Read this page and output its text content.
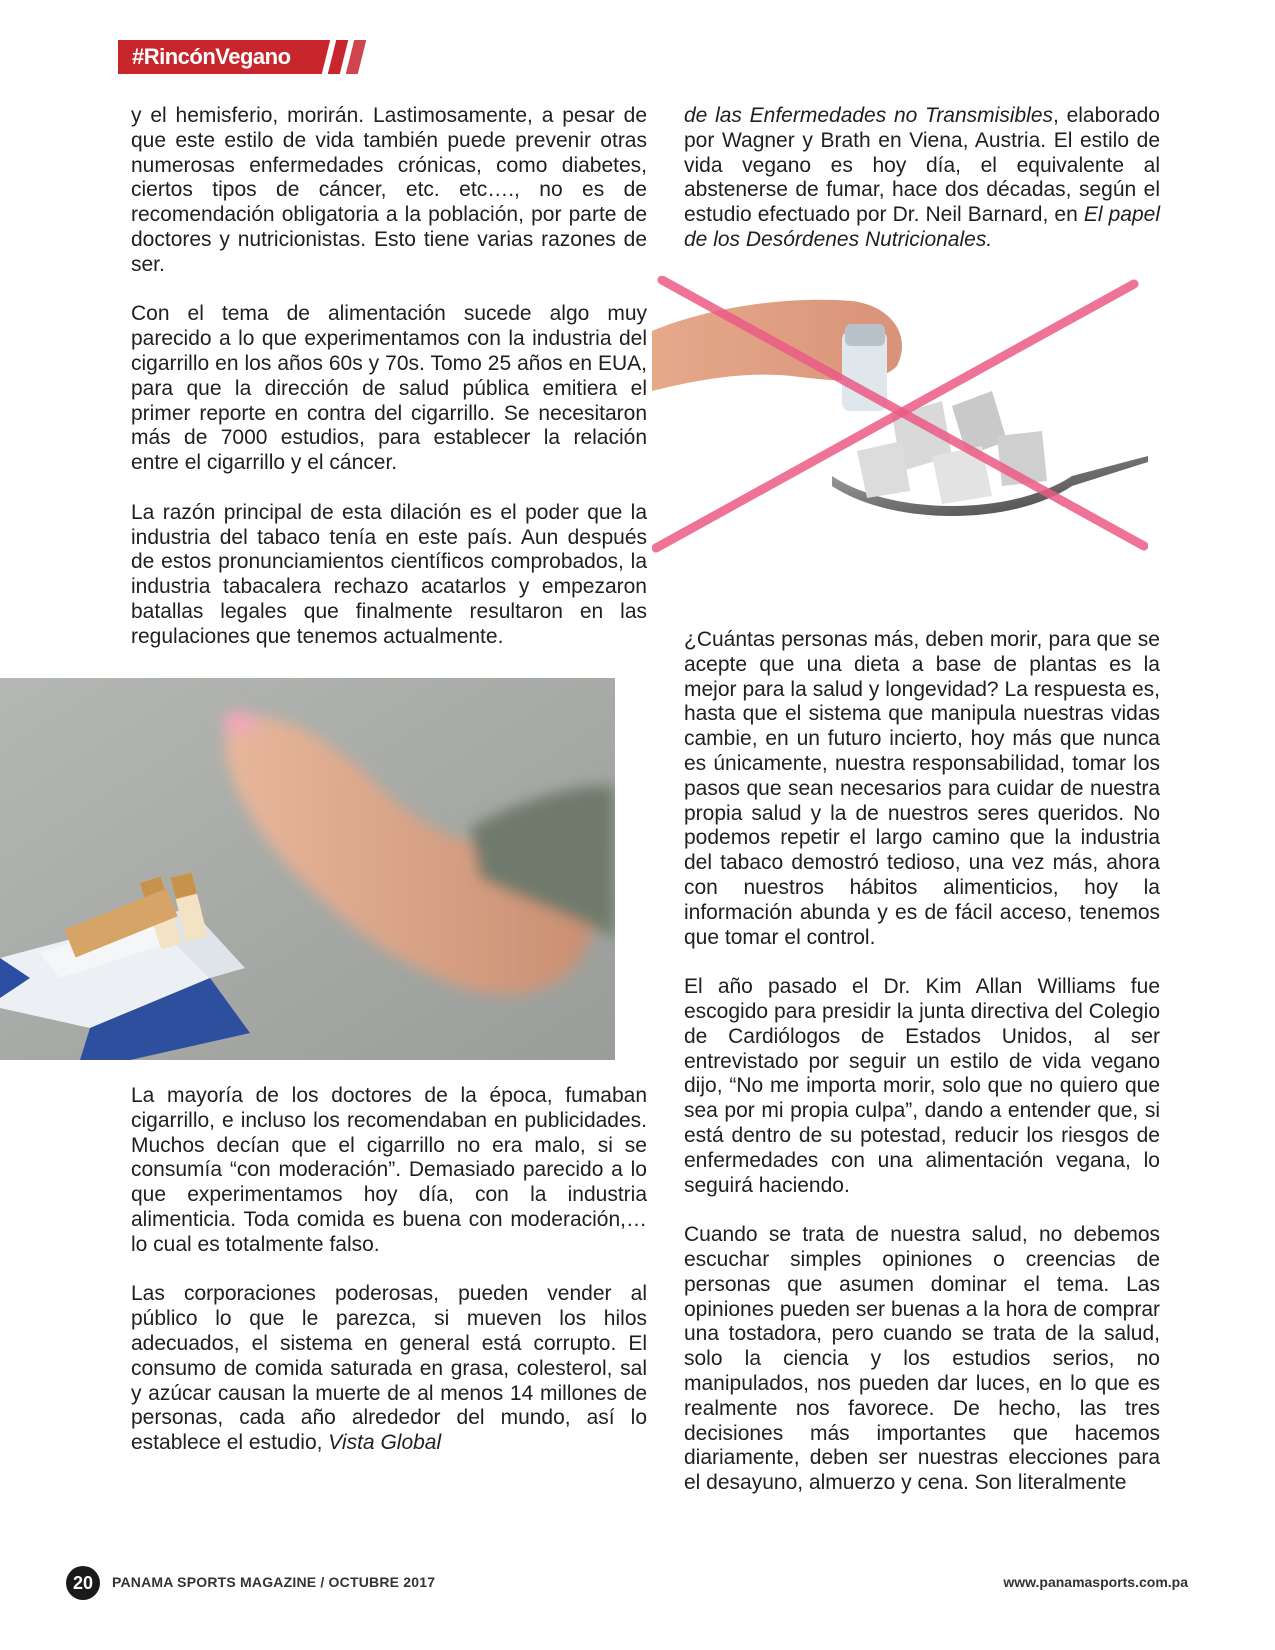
#RincónVegano

y el hemisferio, morirán. Lastimosamente, a pesar de que este estilo de vida también puede prevenir otras numerosas enfermedades crónicas, como diabetes, ciertos tipos de cáncer, etc. etc…., no es de recomendación obligatoria a la población, por parte de doctores y nutricionistas. Esto tiene varias razones de ser.

Con el tema de alimentación sucede algo muy parecido a lo que experimentamos con la industria del cigarrillo en los años 60s y 70s. Tomo 25 años en EUA, para que la dirección de salud pública emitiera el primer reporte en contra del cigarrillo. Se necesitaron más de 7000 estudios, para establecer la relación entre el cigarrillo y el cáncer.

La razón principal de esta dilación es el poder que la industria del tabaco tenía en este país. Aun después de estos pronunciamientos científicos comprobados, la industria tabacalera rechazo acatarlos y empezaron batallas legales que finalmente resultaron en las regulaciones que tenemos actualmente.

La mayoría de los doctores de la época, fumaban cigarrillo, e incluso los recomendaban en publicidades. Muchos decían que el cigarrillo no era malo, si se consumía “con moderación”. Demasiado parecido a lo que experimentamos hoy día, con la industria alimenticia. Toda comida es buena con moderación,…lo cual es totalmente falso.

Las corporaciones poderosas, pueden vender al público lo que le parezca, si mueven los hilos adecuados, el sistema en general está corrupto. El consumo de comida saturada en grasa, colesterol, sal y azúcar causan la muerte de al menos 14 millones de personas, cada año alrededor del mundo, así lo establece el estudio, Vista Global

de las Enfermedades no Transmisibles, elaborado por Wagner y Brath en Viena, Austria. El estilo de vida vegano es hoy día, el equivalente al abstenerse de fumar, hace dos décadas, según el estudio efectuado por Dr. Neil Barnard, en El papel de los Desórdenes Nutricionales.

¿Cuántas personas más, deben morir, para que se acepte que una dieta a base de plantas es la mejor para la salud y longevidad? La respuesta es, hasta que el sistema que manipula nuestras vidas cambie, en un futuro incierto, hoy más que nunca es únicamente, nuestra responsabilidad, tomar los pasos que sean necesarios para cuidar de nuestra propia salud y la de nuestros seres queridos. No podemos repetir el largo camino que la industria del tabaco demostró tedioso, una vez más, ahora con nuestros hábitos alimenticios, hoy la información abunda y es de fácil acceso, tenemos que tomar el control.

El año pasado el Dr. Kim Allan Williams fue escogido para presidir la junta directiva del Colegio de Cardiólogos de Estados Unidos, al ser entrevistado por seguir un estilo de vida vegano dijo, “No me importa morir, solo que no quiero que sea por mi propia culpa”, dando a entender que, si está dentro de su potestad, reducir los riesgos de enfermedades con una alimentación vegana, lo seguirá haciendo.

Cuando se trata de nuestra salud, no debemos escuchar simples opiniones o creencias de personas que asumen dominar el tema. Las opiniones pueden ser buenas a la hora de comprar una tostadora, pero cuando se trata de la salud, solo la ciencia y los estudios serios, no manipulados, nos pueden dar luces, en lo que es realmente nos favorece. De hecho, las tres decisiones más importantes que hacemos diariamente, deben ser nuestras elecciones para el desayuno, almuerzo y cena. Son literalmente

20	PANAMA SPORTS MAGAZINE / OCTUBRE 2017	www.panamasports.com.pa
